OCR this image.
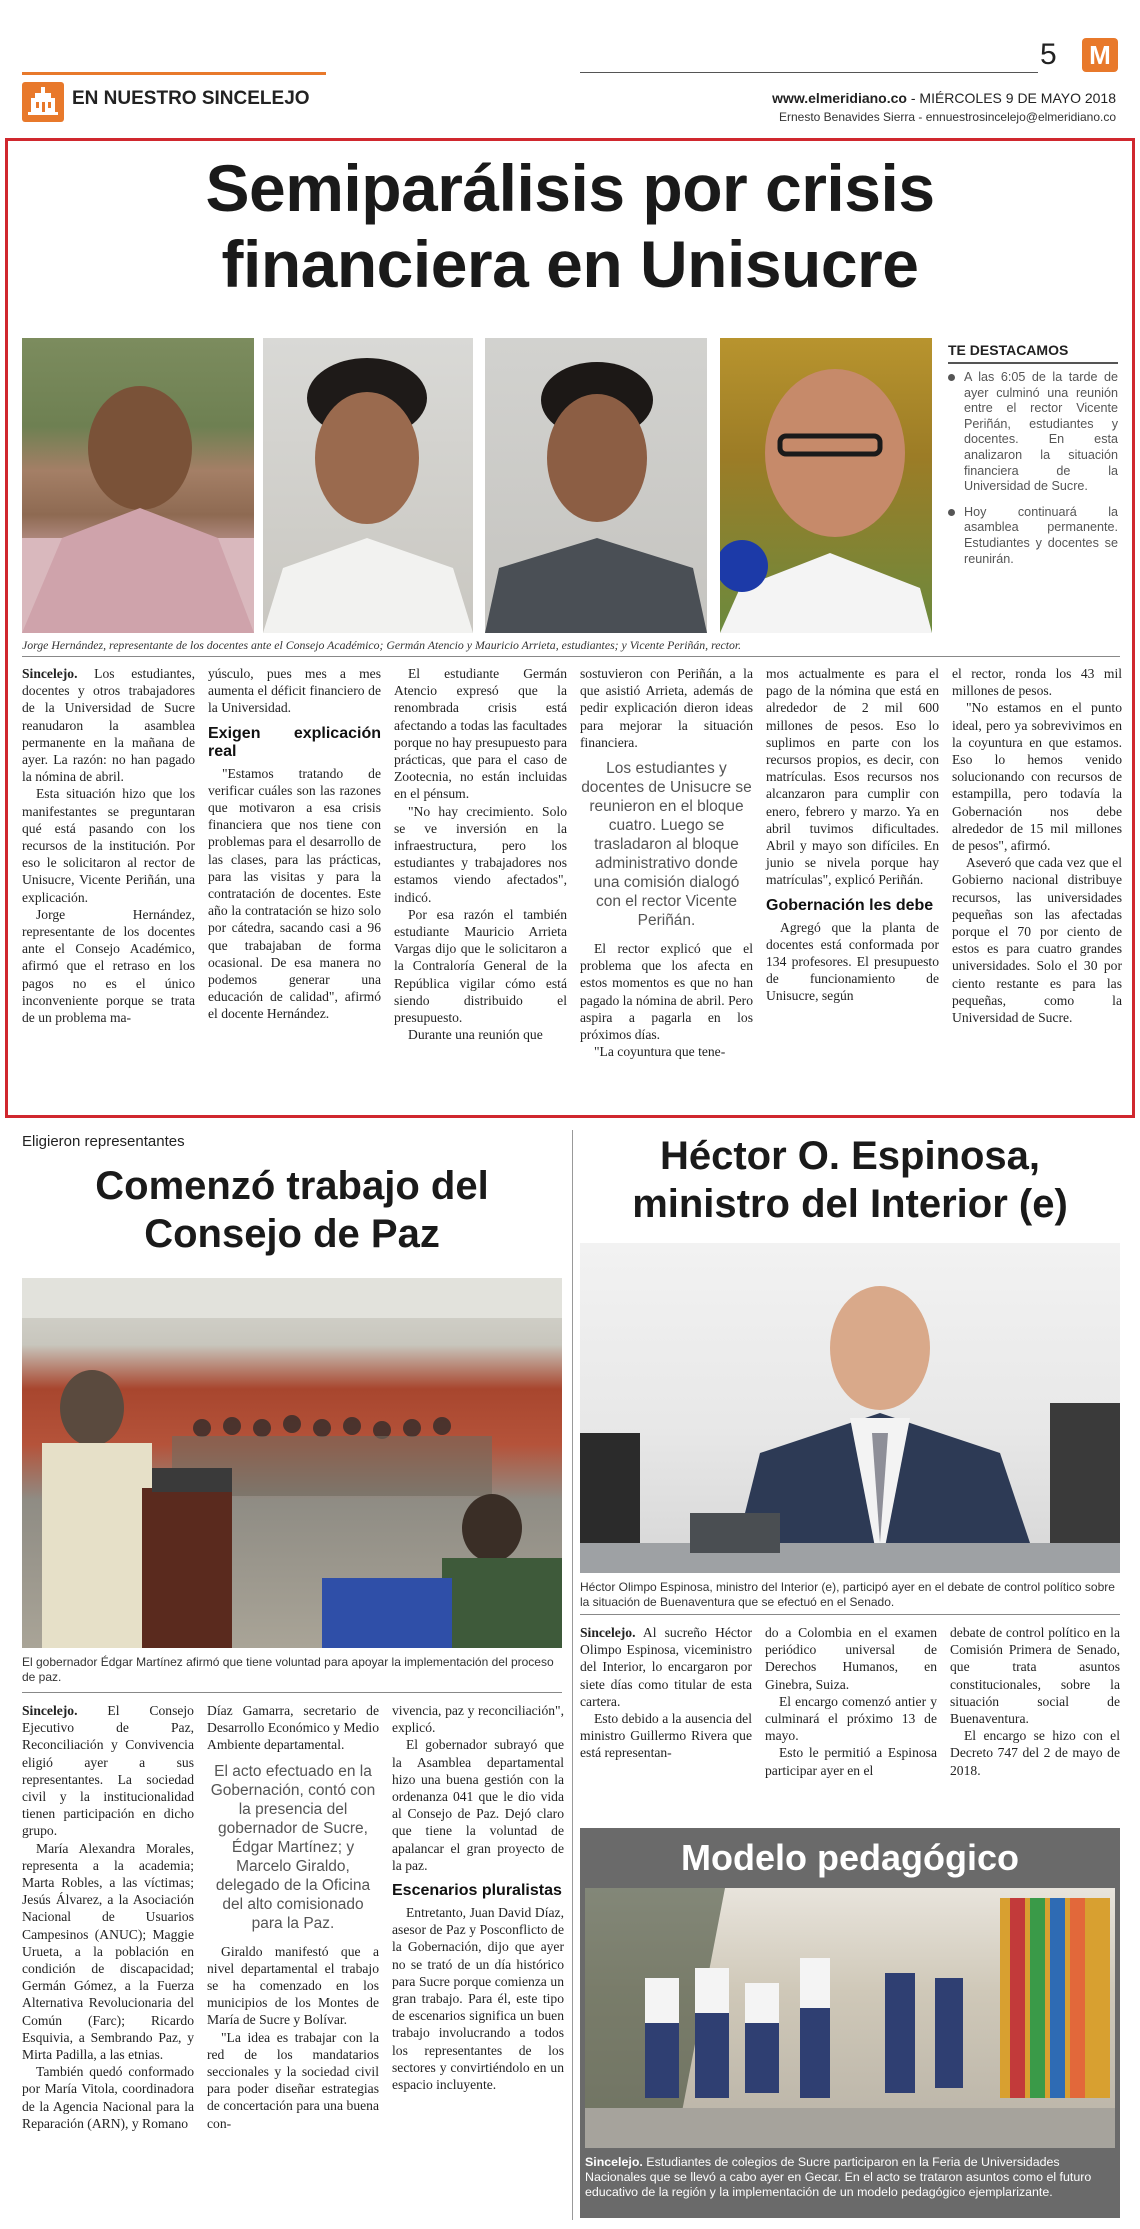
EN NUESTRO SINCELEJO
5 M
www.elmeridiano.co - MIÉRCOLES 9 DE MAYO 2018
Ernesto Benavides Sierra - ennuestrosincelejo@elmeridiano.co
Semiparálisis por crisis
financiera en Unisucre
TE DESTACAMOS
A las 6:05 de la tarde de ayer culminó una reunión entre el rector Vicente Periñán, estudiantes y docentes. En esta analizaron la situación financiera de la Universidad de Sucre.
Hoy continuará la asamblea permanente. Estudiantes y docentes se reunirán.
Jorge Hernández, representante de los docentes ante el Consejo Académico; Germán Atencio y Mauricio Arrieta, estudiantes; y Vicente Periñán, rector.

Sincelejo. Los estudiantes, docentes y otros trabajadores de la Universidad de Sucre reanudaron la asamblea permanente en la mañana de ayer. La razón: no han pagado la nómina de abril.

Esta situación hizo que los manifestantes se preguntaran qué está pasando con los recursos de la institución. Por eso le solicitaron al rector de Unisucre, Vicente Periñán, una explicación.

Jorge Hernández, representante de los docentes ante el Consejo Académico, afirmó que el retraso en los pagos no es el único inconveniente porque se trata de un problema ma-

yúsculo, pues mes a mes aumenta el déficit financiero de la Universidad.

Exigen explicación real

"Estamos tratando de verificar cuáles son las razones que motivaron a esa crisis financiera que nos tiene con problemas para el desarrollo de las clases, para las prácticas, para las visitas y para la contratación de docentes. Este año la contratación se hizo solo por cátedra, sacando casi a 96 que trabajaban de forma ocasional. De esa manera no podemos generar una educación de calidad", afirmó el docente Hernández.

El estudiante Germán Atencio expresó que la renombrada crisis está afectando a todas las facultades porque no hay presupuesto para prácticas, que para el caso de Zootecnia, no están incluidas en el pénsum.

"No hay crecimiento. Solo se ve inversión en la infraestructura, pero los estudiantes y trabajadores nos estamos viendo afectados", indicó.

Por esa razón el también estudiante Mauricio Arrieta Vargas dijo que le solicitaron a la Contraloría General de la República vigilar cómo está siendo distribuido el presupuesto.

Durante una reunión que

sostuvieron con Periñán, a la que asistió Arrieta, además de pedir explicación dieron ideas para mejorar la situación financiera.

Los estudiantes y docentes de Unisucre se reunieron en el bloque cuatro. Luego se trasladaron al bloque administrativo donde una comisión dialogó con el rector Vicente Periñán.

El rector explicó que el problema que los afecta en estos momentos es que no han pagado la nómina de abril. Pero aspira a pagarla en los próximos días.

"La coyuntura que tene-

mos actualmente es para el pago de la nómina que está en alrededor de 2 mil 600 millones de pesos. Eso lo suplimos en parte con los recursos propios, es decir, con matrículas. Esos recursos nos alcanzaron para cumplir con enero, febrero y marzo. Ya en abril tuvimos dificultades. Abril y mayo son difíciles. En junio se nivela porque hay matrículas", explicó Periñán.

Gobernación les debe

Agregó que la planta de docentes está conformada por 134 profesores. El presupuesto de funcionamiento de Unisucre, según

el rector, ronda los 43 mil millones de pesos.

"No estamos en el punto ideal, pero ya sobrevivimos en la coyuntura en que estamos. Eso lo hemos venido solucionando con recursos de estampilla, pero todavía la Gobernación nos debe alrededor de 15 mil millones de pesos", afirmó.

Aseveró que cada vez que el Gobierno nacional distribuye recursos, las universidades pequeñas son las afectadas porque el 70 por ciento de estos es para cuatro grandes universidades. Solo el 30 por ciento restante es para las pequeñas, como la Universidad de Sucre.

Eligieron representantes
Comenzó trabajo del
Consejo de Paz
El gobernador Édgar Martínez afirmó que tiene voluntad para apoyar la implementación del proceso de paz.

Sincelejo. El Consejo Ejecutivo de Paz, Reconciliación y Convivencia eligió ayer a sus representantes. La sociedad civil y la institucionalidad tienen participación en dicho grupo.

María Alexandra Morales, representa a la academia; Marta Robles, a las víctimas; Jesús Álvarez, a la Asociación Nacional de Usuarios Campesinos (ANUC); Maggie Urueta, a la población en condición de discapacidad; Germán Gómez, a la Fuerza Alternativa Revolucionaria del Común (Farc); Ricardo Esquivia, a Sembrando Paz, y Mirta Padilla, a las etnias.

También quedó conformado por María Vitola, coordinadora de la Agencia Nacional para la Reparación (ARN), y Romano

Díaz Gamarra, secretario de Desarrollo Económico y Medio Ambiente departamental.

El acto efectuado en la Gobernación, contó con la presencia del gobernador de Sucre, Édgar Martínez; y Marcelo Giraldo, delegado de la Oficina del alto comisionado para la Paz.

Giraldo manifestó que a nivel departamental el trabajo se ha comenzado en los municipios de los Montes de María de Sucre y Bolívar.

"La idea es trabajar con la red de los mandatarios seccionales y la sociedad civil para poder diseñar estrategias de concertación para una buena con-

vivencia, paz y reconciliación", explicó.

El gobernador subrayó que la Asamblea departamental hizo una buena gestión con la ordenanza 041 que le dio vida al Consejo de Paz. Dejó claro que tiene la voluntad de apalancar el gran proyecto de la paz.

Escenarios pluralistas

Entretanto, Juan David Díaz, asesor de Paz y Posconflicto de la Gobernación, dijo que ayer no se trató de un día histórico para Sucre porque comienza un gran trabajo. Para él, este tipo de escenarios significa un buen trabajo involucrando a todos los representantes de los sectores y convirtiéndolo en un espacio incluyente.

Héctor O. Espinosa,
ministro del Interior (e)
Héctor Olimpo Espinosa, ministro del Interior (e), participó ayer en el debate de control político sobre la situación de Buenaventura que se efectuó en el Senado.

Sincelejo. Al sucreño Héctor Olimpo Espinosa, viceministro del Interior, lo encargaron por siete días como titular de esta cartera.

Esto debido a la ausencia del ministro Guillermo Rivera que está representan-

do a Colombia en el examen periódico universal de Derechos Humanos, en Ginebra, Suiza.

El encargo comenzó antier y culminará el próximo 13 de mayo.

Esto le permitió a Espinosa participar ayer en el

debate de control político en la Comisión Primera de Senado, que trata asuntos constitucionales, sobre la situación social de Buenaventura.

El encargo se hizo con el Decreto 747 del 2 de mayo de 2018.

Modelo pedagógico
Sincelejo. Estudiantes de colegios de Sucre participaron en la Feria de Universidades Nacionales que se llevó a cabo ayer en Gecar. En el acto se trataron asuntos como el futuro educativo de la región y la implementación de un modelo pedagógico ejemplarizante.
